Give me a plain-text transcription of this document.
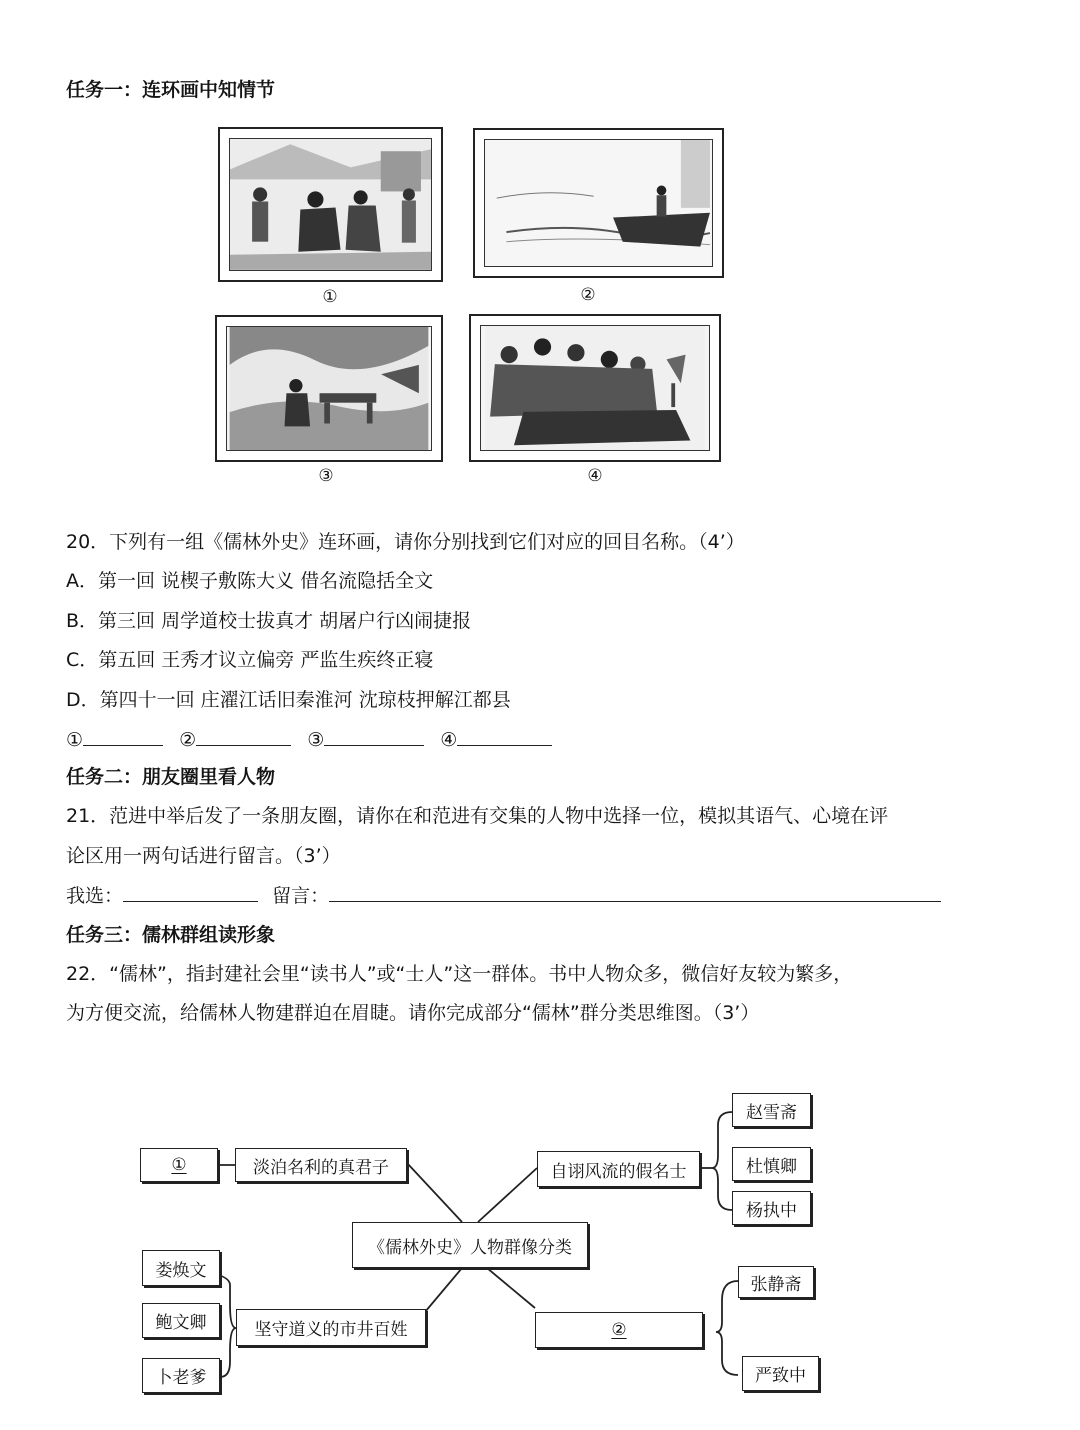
任务一：连环画中知情节
①	②
③	④
20．下列有一组《儒林外史》连环画，请你分别找到它们对应的回目名称。（4’）
A．第一回 说楔子敷陈大义 借名流隐括全文
B．第三回 周学道校士拔真才 胡屠户行凶闹捷报
C．第五回 王秀才议立偏旁 严监生疾终正寝
D．第四十一回 庄濯江话旧秦淮河 沈琼枝押解江都县
①	②	③	④
任务二：朋友圈里看人物
21．范进中举后发了一条朋友圈，请你在和范进有交集的人物中选择一位，模拟其语气、心境在评
论区用一两句话进行留言。（3’）
我选：	留言：
任务三：儒林群组读形象
22．“儒林”，指封建社会里“读书人”或“士人”这一群体。书中人物众多，微信好友较为繁多，
为方便交流，给儒林人物建群迫在眉睫。请你完成部分“儒林”群分类思维图。（3’）
①	淡泊名利的真君子	自诩风流的假名士
《儒林外史》人物群像分类
坚守道义的市井百姓	②
赵雪斋
杜慎卿
杨执中
娄焕文
鲍文卿
卜老爹
张静斋
严致中
